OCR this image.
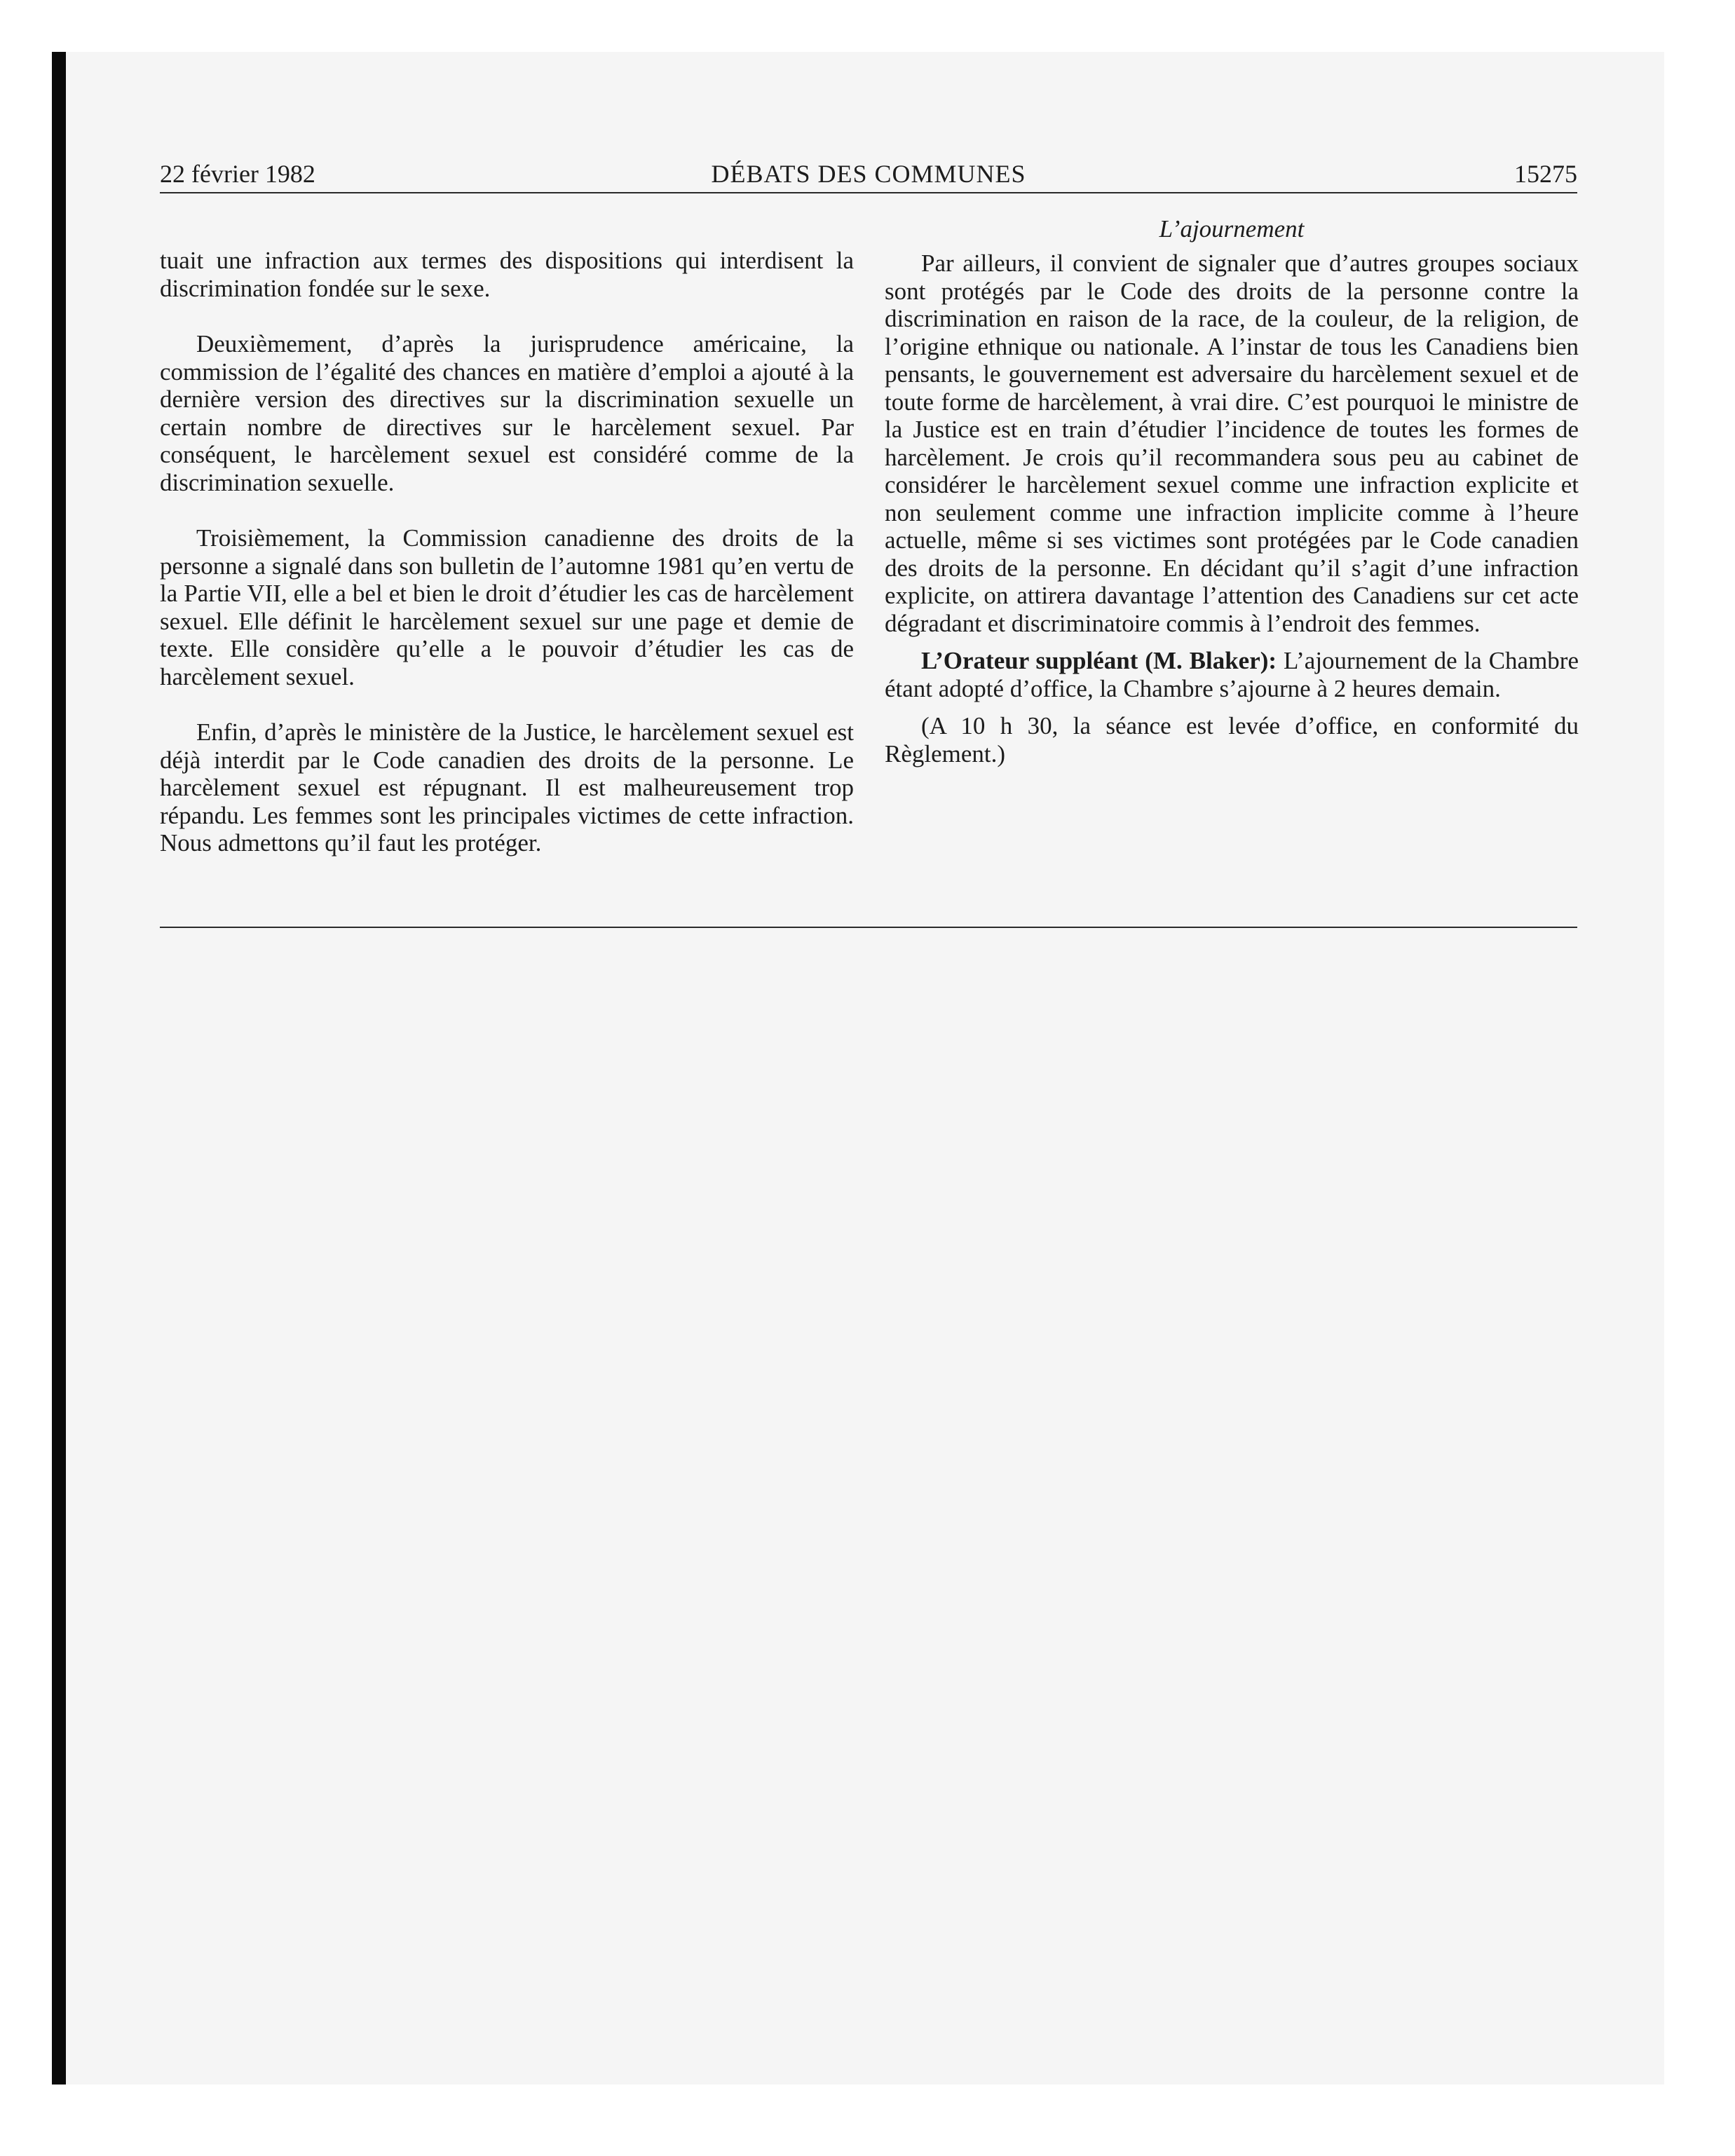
22 février 1982	DÉBATS DES COMMUNES	15275

tuait une infraction aux termes des dispositions qui interdisent la discrimination fondée sur le sexe.

Deuxièmement, d’après la jurisprudence américaine, la commission de l’égalité des chances en matière d’emploi a ajouté à la dernière version des directives sur la discrimination sexuelle un certain nombre de directives sur le harcèlement sexuel. Par conséquent, le harcèlement sexuel est considéré comme de la discrimination sexuelle.

Troisièmement, la Commission canadienne des droits de la personne a signalé dans son bulletin de l’automne 1981 qu’en vertu de la Partie VII, elle a bel et bien le droit d’étudier les cas de harcèlement sexuel. Elle définit le harcèlement sexuel sur une page et demie de texte. Elle considère qu’elle a le pouvoir d’étudier les cas de harcèlement sexuel.

Enfin, d’après le ministère de la Justice, le harcèlement sexuel est déjà interdit par le Code canadien des droits de la personne. Le harcèlement sexuel est répugnant. Il est malheureusement trop répandu. Les femmes sont les principales victimes de cette infraction. Nous admettons qu’il faut les protéger.

L’ajournement

Par ailleurs, il convient de signaler que d’autres groupes sociaux sont protégés par le Code des droits de la personne contre la discrimination en raison de la race, de la couleur, de la religion, de l’origine ethnique ou nationale. A l’instar de tous les Canadiens bien pensants, le gouvernement est adversaire du harcèlement sexuel et de toute forme de harcèlement, à vrai dire. C’est pourquoi le ministre de la Justice est en train d’étudier l’incidence de toutes les formes de harcèlement. Je crois qu’il recommandera sous peu au cabinet de considérer le harcèlement sexuel comme une infraction explicite et non seulement comme une infraction implicite comme à l’heure actuelle, même si ses victimes sont protégées par le Code canadien des droits de la personne. En décidant qu’il s’agit d’une infraction explicite, on attirera davantage l’attention des Canadiens sur cet acte dégradant et discriminatoire commis à l’endroit des femmes.

L’Orateur suppléant (M. Blaker): L’ajournement de la Chambre étant adopté d’office, la Chambre s’ajourne à 2 heures demain.

(A 10 h 30, la séance est levée d’office, en conformité du Règlement.)
